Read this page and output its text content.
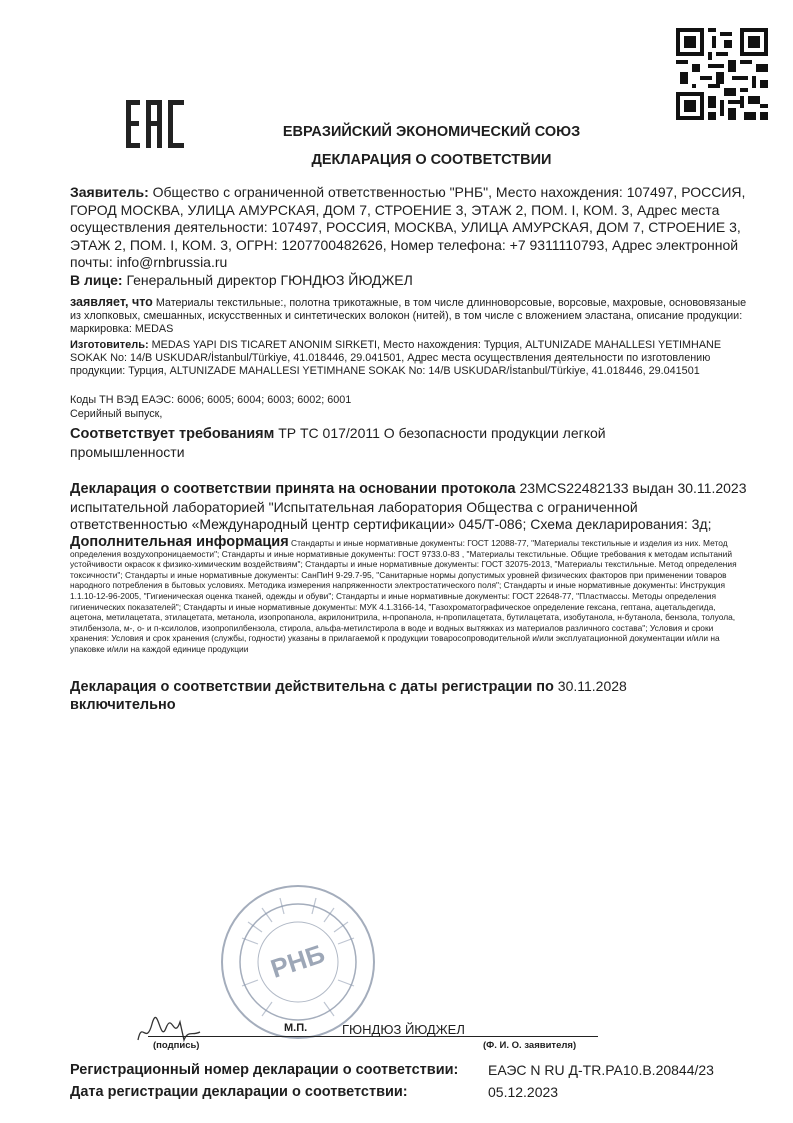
ЕВРАЗИЙСКИЙ ЭКОНОМИЧЕСКИЙ СОЮЗ
ДЕКЛАРАЦИЯ О СООТВЕТСТВИИ
Заявитель: Общество с ограниченной ответственностью "РНБ", Место нахождения: 107497, РОССИЯ, ГОРОД МОСКВА, УЛИЦА АМУРСКАЯ, ДОМ 7, СТРОЕНИЕ 3, ЭТАЖ 2, ПОМ. I, КОМ. 3, Адрес места осуществления деятельности: 107497, РОССИЯ, МОСКВА, УЛИЦА АМУРСКАЯ, ДОМ 7, СТРОЕНИЕ 3, ЭТАЖ 2, ПОМ. I, КОМ. 3, ОГРН: 1207700482626, Номер телефона: +7 9311110793, Адрес электронной почты: info@rnbrussia.ru
В лице: Генеральный директор ГЮНДЮЗ ЙЮДЖЕЛ
заявляет, что Материалы текстильные:, полотна трикотажные, в том числе длинноворсовые, ворсовые, махровые, основовязаные из хлопковых, смешанных, искусственных и синтетических волокон (нитей), в том числе с вложением эластана, описание продукции: маркировка: MEDAS
Изготовитель: MEDAS YAPI DIS TICARET ANONIM SIRKETI, Место нахождения: Турция, ALTUNIZADE MAHALLESI YETIMHANE SOKAK No: 14/B USKUDAR/İstanbul/Türkiye, 41.018446, 29.041501, Адрес места осуществления деятельности по изготовлению продукции: Турция, ALTUNIZADE MAHALLESI YETIMHANE SOKAK No: 14/B USKUDAR/İstanbul/Türkiye, 41.018446, 29.041501
Коды ТН ВЭД ЕАЭС: 6006; 6005; 6004; 6003; 6002; 6001
Серийный выпуск,
Соответствует требованиям ТР ТС 017/2011 О безопасности продукции легкой промышленности
Декларация о соответствии принята на основании протокола 23MCS22482133 выдан 30.11.2023 испытательной лабораторией "Испытательная лаборатория Общества с ограниченной ответственностью «Международный центр сертификации» 045/Т-086; Схема декларирования: 3д;
Дополнительная информация Стандарты и иные нормативные документы: ГОСТ 12088-77, "Материалы текстильные и изделия из них. Метод определения воздухопроницаемости"; Стандарты и иные нормативные документы: ГОСТ 9733.0-83 , "Материалы текстильные. Общие требования к методам испытаний устойчивости окрасок к физико-химическим воздействиям"; Стандарты и иные нормативные документы: ГОСТ 32075-2013, "Материалы текстильные. Метод определения токсичности"; Стандарты и иные нормативные документы: СанПиН 9-29.7-95, "Санитарные нормы допустимых уровней физических факторов при применении товаров народного потребления в бытовых условиях. Методика измерения напряженности электростатического поля"; Стандарты и иные нормативные документы: Инструкция 1.1.10-12-96-2005, "Гигиеническая оценка тканей, одежды и обуви"; Стандарты и иные нормативные документы: ГОСТ 22648-77, "Пластмассы. Методы определения гигиенических показателей"; Стандарты и иные нормативные документы: МУК 4.1.3166-14, "Газохроматографическое определение гексана, гептана, ацетальдегида, ацетона, метилацетата, этилацетата, метанола, изопропанола, акрилонитрила, н-пропанола, н-пропилацетата, бутилацетата, изобутанола, н-бутанола, бензола, толуола, этилбензола, м-, о- и п-ксилолов, изопропилбензола, стирола, альфа-метилстирола в воде и водных вытяжках из материалов различного состава"; Условия и сроки хранения: Условия и срок хранения (службы, годности) указаны в прилагаемой к продукции товаросопроводительной и/или эксплуатационной документации и/или на упаковке и/или на каждой единице продукции
Декларация о соответствии действительна с даты регистрации по 30.11.2028
включительно
РНБ
М.П.	ГЮНДЮЗ ЙЮДЖЕЛ
(подпись)	(Ф. И. О. заявителя)
Регистрационный номер декларации о соответствии: ЕАЭС N RU Д-TR.PA10.B.20844/23
Дата регистрации декларации о соответствии:	05.12.2023
